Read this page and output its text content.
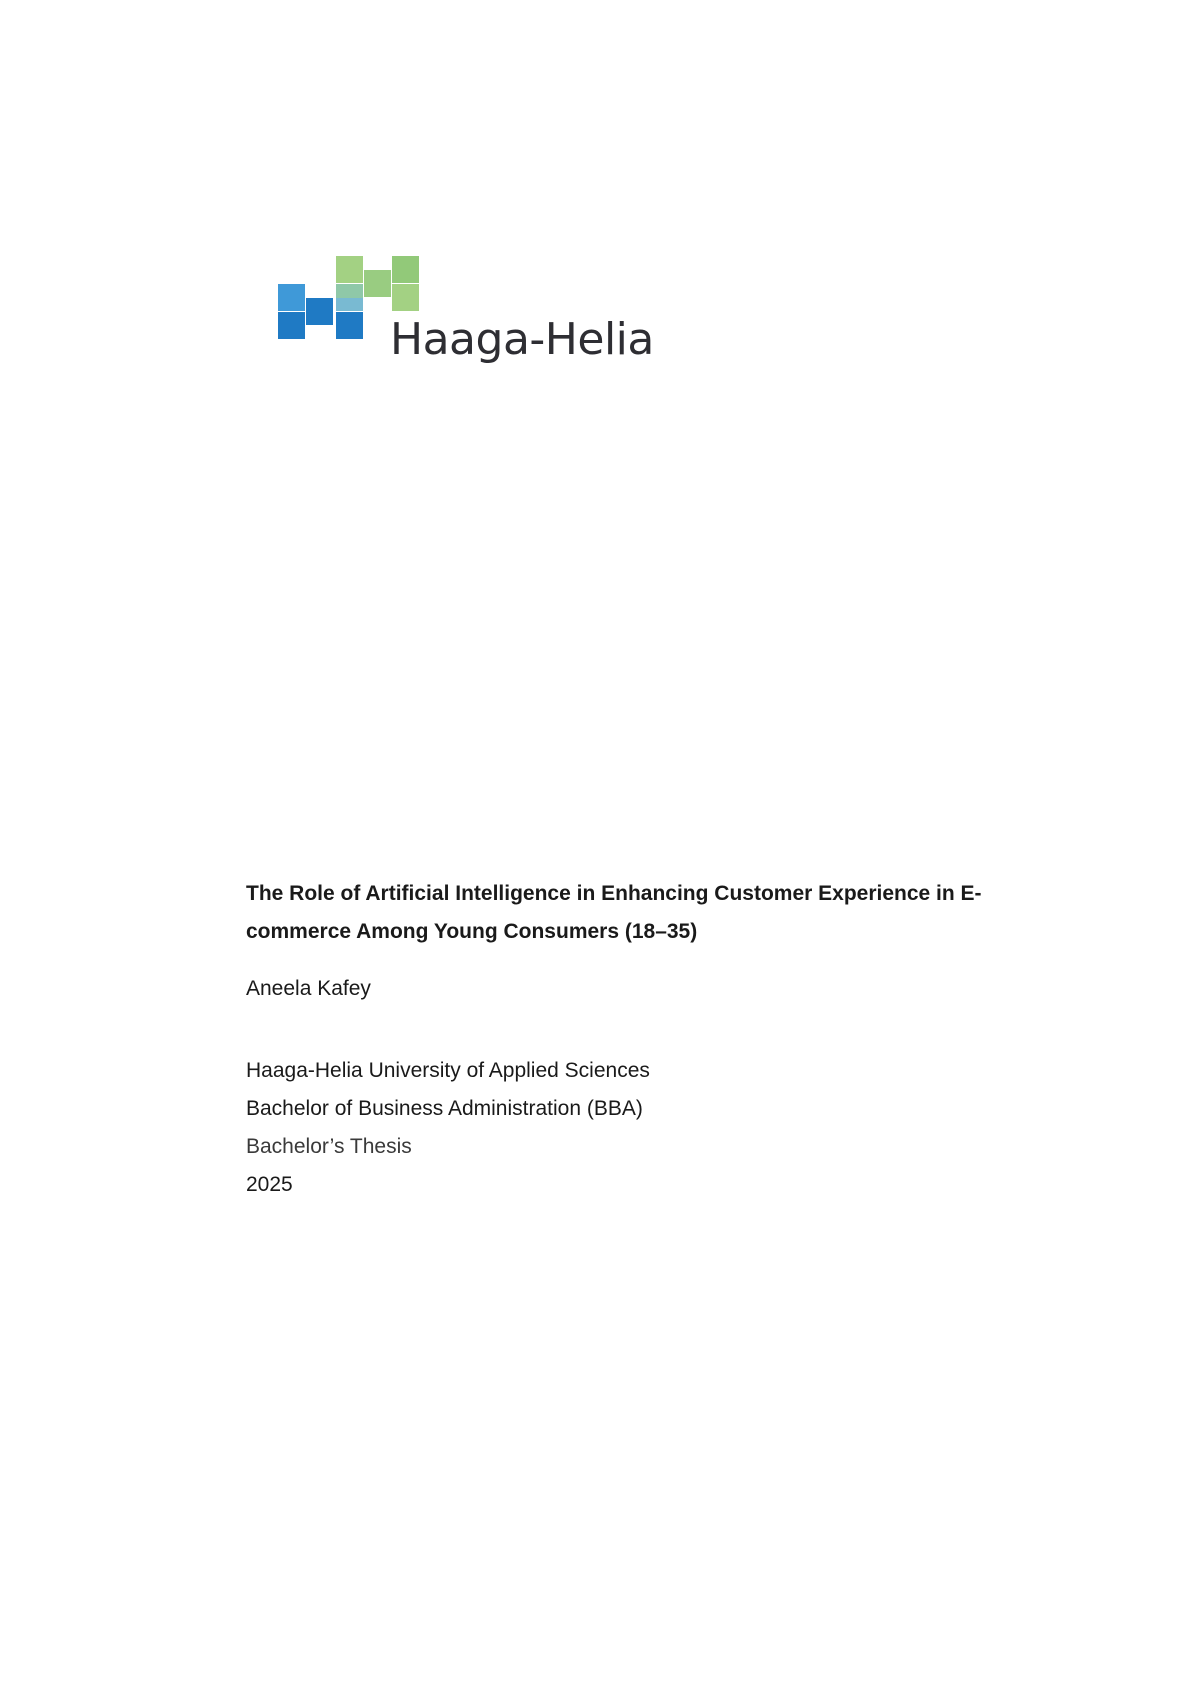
Haaga-Helia

The Role of Artificial Intelligence in Enhancing Customer Experience in E-commerce Among Young Consumers (18–35)

Aneela Kafey
Haaga-Helia University of Applied Sciences
Bachelor of Business Administration (BBA)
Bachelor’s Thesis
2025
